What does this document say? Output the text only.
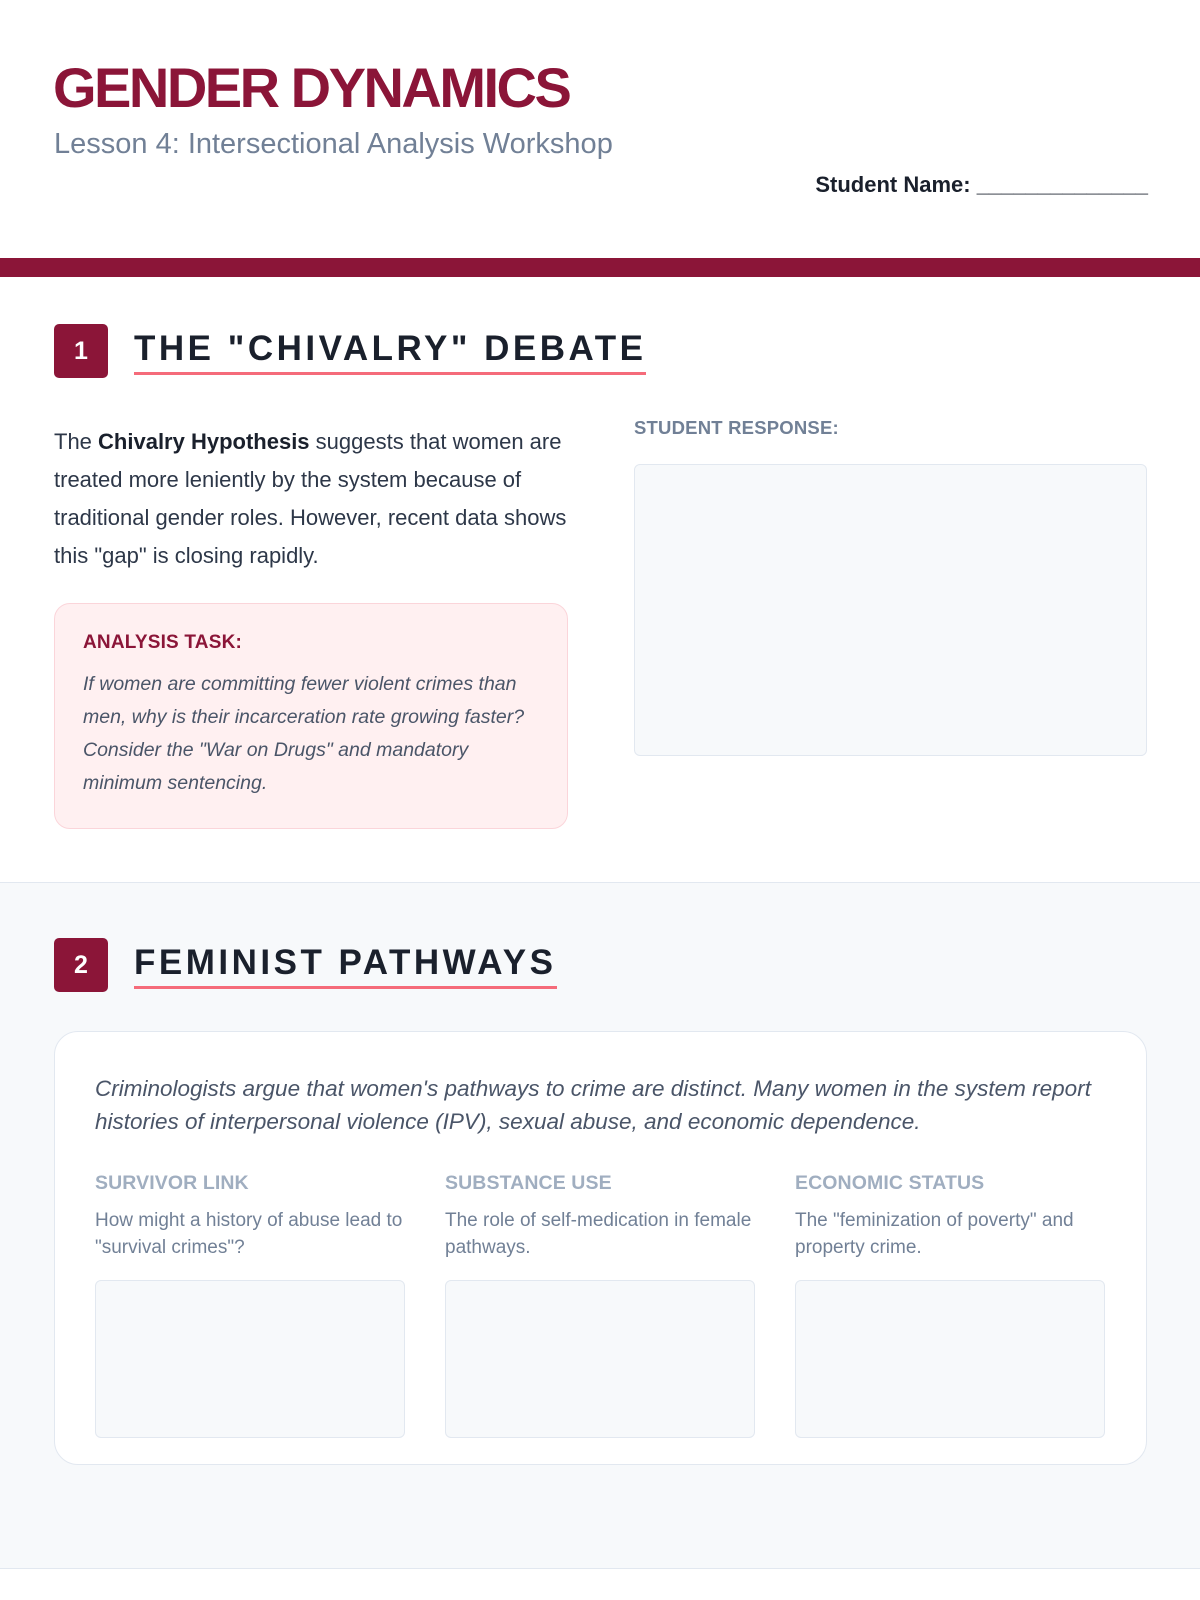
GENDER DYNAMICS
Lesson 4: Intersectional Analysis Workshop
Student Name: ______________
1	THE "CHIVALRY" DEBATE

The Chivalry Hypothesis suggests that women are treated more leniently by the system because of traditional gender roles. However, recent data shows this "gap" is closing rapidly.

ANALYSIS TASK:
If women are committing fewer violent crimes than men, why is their incarceration rate growing faster? Consider the "War on Drugs" and mandatory minimum sentencing.
STUDENT RESPONSE:
2	FEMINIST PATHWAYS
Criminologists argue that women's pathways to crime are distinct. Many women in the system report histories of interpersonal violence (IPV), sexual abuse, and economic dependence.
SURVIVOR LINK
How might a history of abuse lead to "survival crimes"?
SUBSTANCE USE
The role of self-medication in female pathways.
ECONOMIC STATUS
The "feminization of poverty" and property crime.
